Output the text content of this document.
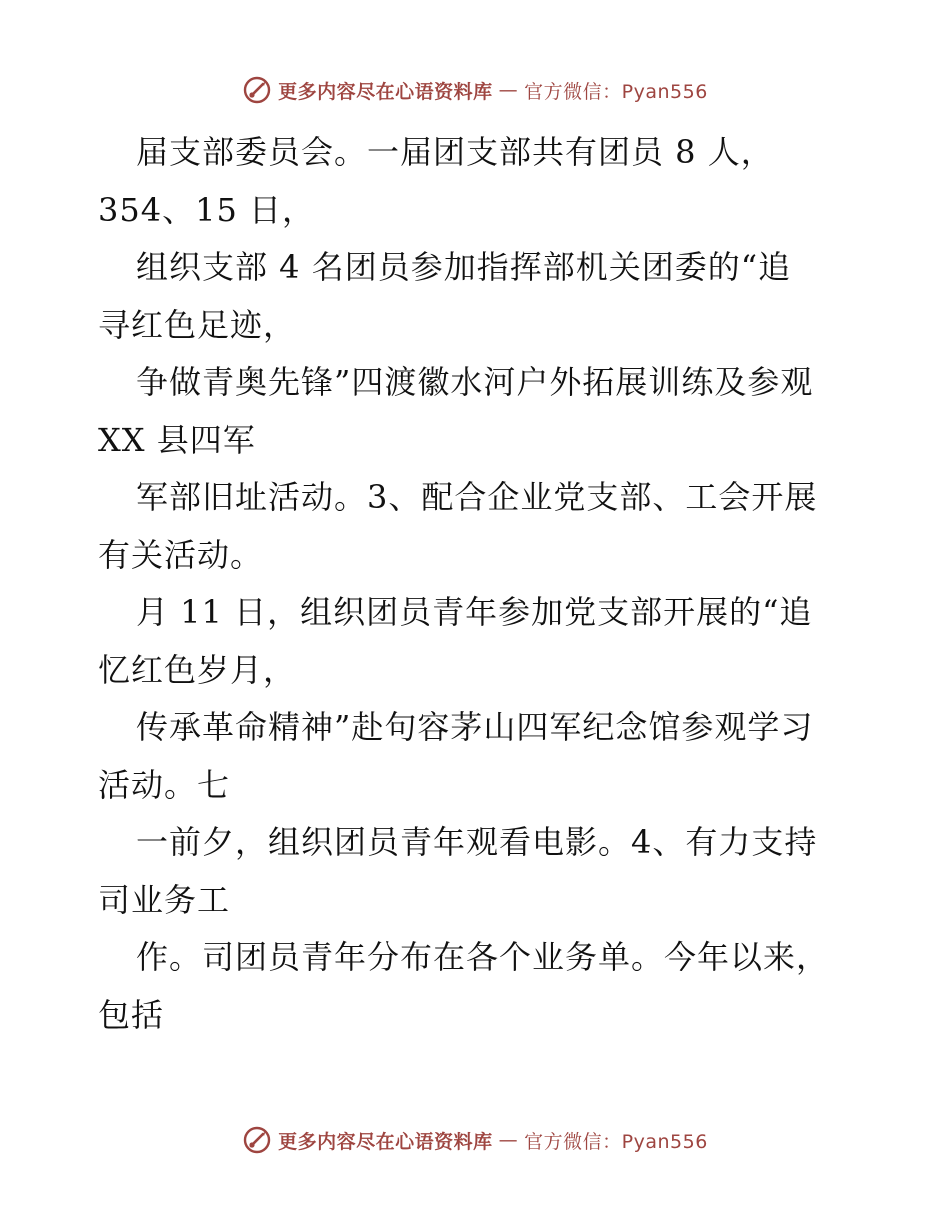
更多内容尽在心语资料库 — 官方微信：Pyan556
届支部委员会。一届团支部共有团员 8 人，
354、15 日，
组织支部 4 名团员参加指挥部机关团委的“追
寻红色足迹，
争做青奥先锋”四渡徽水河户外拓展训练及参观
XX 县四军
军部旧址活动。3、配合企业党支部、工会开展
有关活动。
月 11 日，组织团员青年参加党支部开展的“追
忆红色岁月，
传承革命精神”赴句容茅山四军纪念馆参观学习
活动。七
一前夕，组织团员青年观看电影。4、有力支持
司业务工
作。司团员青年分布在各个业务单。今年以来，
包括
更多内容尽在心语资料库 — 官方微信：Pyan556
